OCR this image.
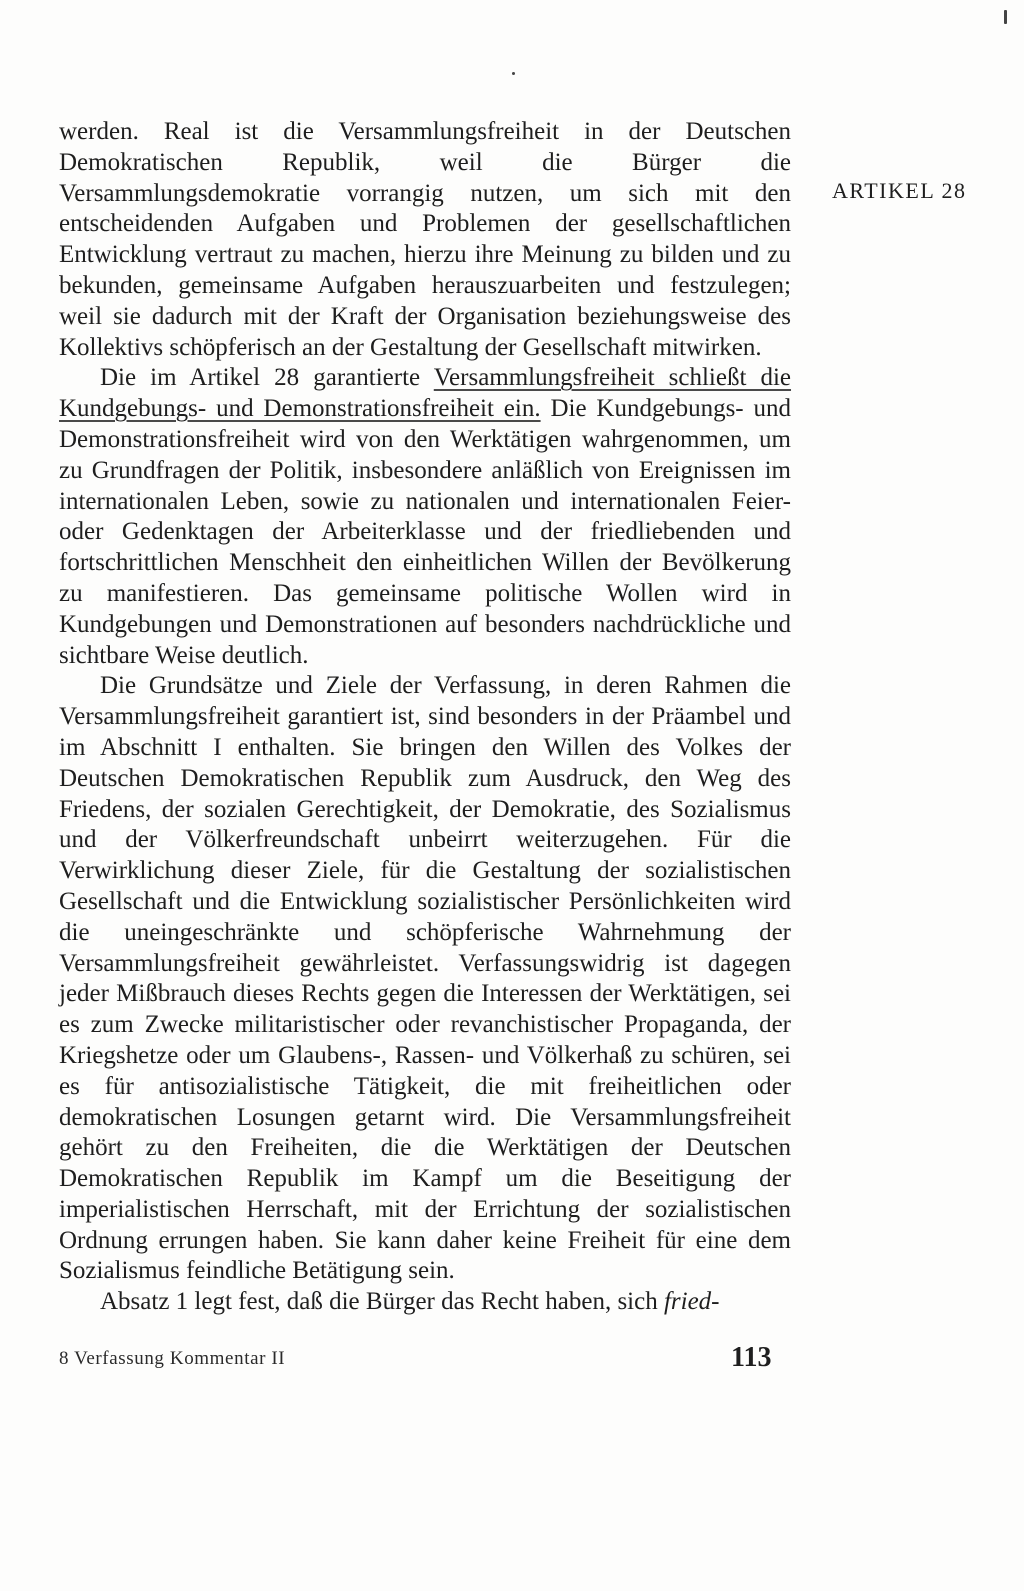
ARTIKEL 28

werden. Real ist die Versammlungsfreiheit in der Deutschen Demokratischen Republik, weil die Bürger die Versammlungsdemokratie vorrangig nutzen, um sich mit den entscheidenden Aufgaben und Problemen der gesellschaftlichen Entwicklung vertraut zu machen, hierzu ihre Meinung zu bilden und zu bekunden, gemeinsame Aufgaben herauszuarbeiten und festzulegen; weil sie dadurch mit der Kraft der Organisation beziehungsweise des Kollektivs schöpferisch an der Gestaltung der Gesellschaft mitwirken.

Die im Artikel 28 garantierte Versammlungsfreiheit schließt die Kundgebungs- und Demonstrationsfreiheit ein. Die Kundgebungs- und Demonstrationsfreiheit wird von den Werktätigen wahrgenommen, um zu Grundfragen der Politik, insbesondere anläßlich von Ereignissen im internationalen Leben, sowie zu nationalen und internationalen Feier- oder Gedenktagen der Arbeiterklasse und der friedliebenden und fortschrittlichen Menschheit den einheitlichen Willen der Bevölkerung zu manifestieren. Das gemeinsame politische Wollen wird in Kundgebungen und Demonstrationen auf besonders nachdrückliche und sichtbare Weise deutlich.

Die Grundsätze und Ziele der Verfassung, in deren Rahmen die Versammlungsfreiheit garantiert ist, sind besonders in der Präambel und im Abschnitt I enthalten. Sie bringen den Willen des Volkes der Deutschen Demokratischen Republik zum Ausdruck, den Weg des Friedens, der sozialen Gerechtigkeit, der Demokratie, des Sozialismus und der Völkerfreundschaft unbeirrt weiterzugehen. Für die Verwirklichung dieser Ziele, für die Gestaltung der sozialistischen Gesellschaft und die Entwicklung sozialistischer Persönlichkeiten wird die uneingeschränkte und schöpferische Wahrnehmung der Versammlungsfreiheit gewährleistet. Verfassungswidrig ist dagegen jeder Mißbrauch dieses Rechts gegen die Interessen der Werktätigen, sei es zum Zwecke militaristischer oder revanchistischer Propaganda, der Kriegshetze oder um Glaubens-, Rassen- und Völkerhaß zu schüren, sei es für antisozialistische Tätigkeit, die mit freiheitlichen oder demokratischen Losungen getarnt wird. Die Versammlungsfreiheit gehört zu den Freiheiten, die die Werktätigen der Deutschen Demokratischen Republik im Kampf um die Beseitigung der imperialistischen Herrschaft, mit der Errichtung der sozialistischen Ordnung errungen haben. Sie kann daher keine Freiheit für eine dem Sozialismus feindliche Betätigung sein.

Absatz 1 legt fest, daß die Bürger das Recht haben, sich fried-

8 Verfassung Kommentar II	113
